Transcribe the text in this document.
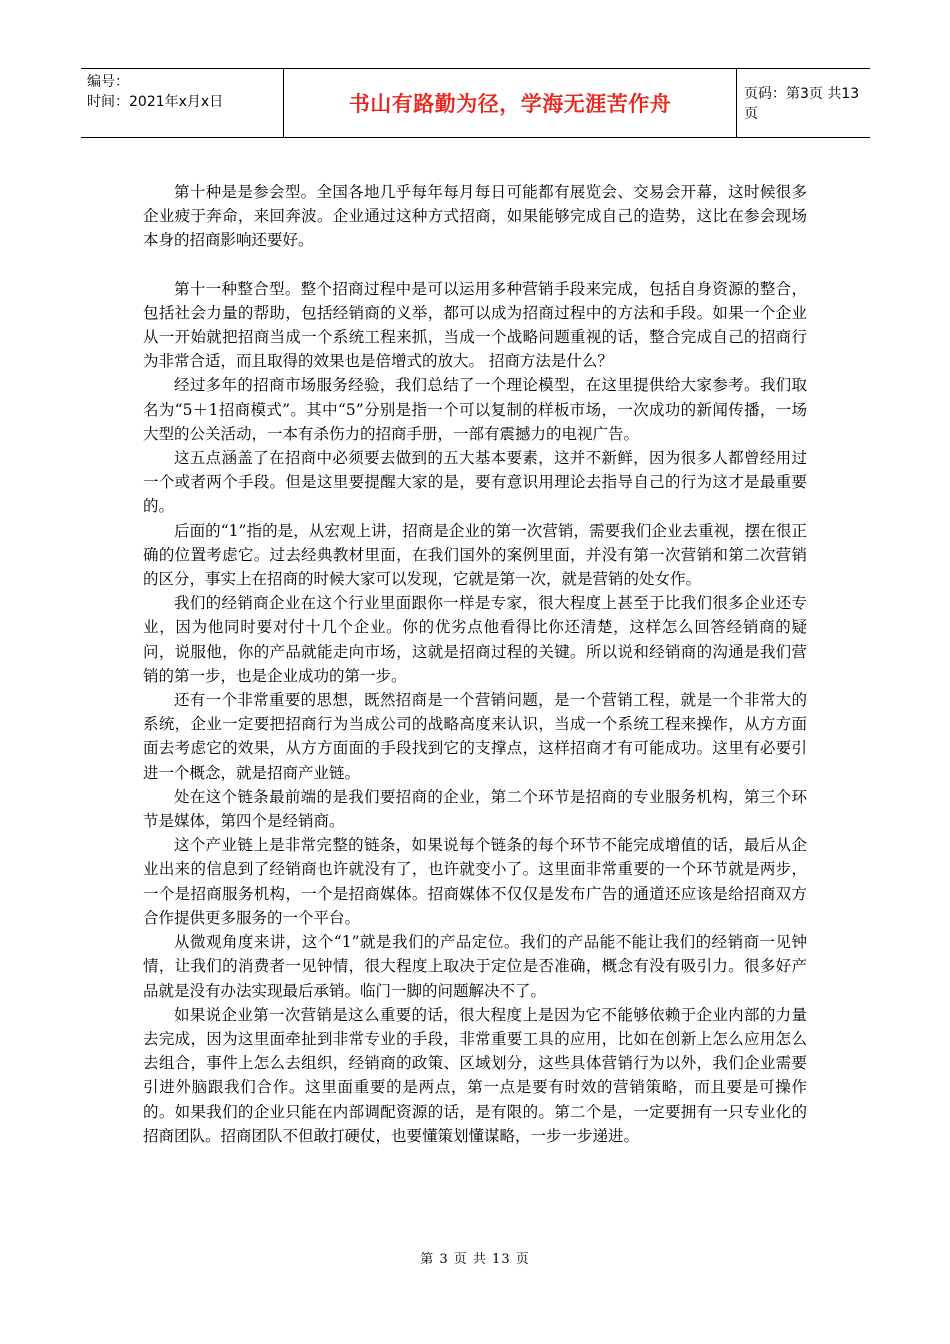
编号：
时间：2021年x月x日	书山有路勤为径，学海无涯苦作舟	页码：第3页 共13页

第十种是是参会型。全国各地几乎每年每月每日可能都有展览会、交易会开幕，这时候很多企业疲于奔命，来回奔波。企业通过这种方式招商，如果能够完成自己的造势，这比在参会现场本身的招商影响还要好。

第十一种整合型。整个招商过程中是可以运用多种营销手段来完成，包括自身资源的整合，包括社会力量的帮助，包括经销商的义举，都可以成为招商过程中的方法和手段。如果一个企业从一开始就把招商当成一个系统工程来抓，当成一个战略问题重视的话，整合完成自己的招商行为非常合适，而且取得的效果也是倍增式的放大。 招商方法是什么？

经过多年的招商市场服务经验，我们总结了一个理论模型，在这里提供给大家参考。我们取名为“5＋1招商模式”。其中“5”分别是指一个可以复制的样板市场，一次成功的新闻传播，一场大型的公关活动，一本有杀伤力的招商手册，一部有震撼力的电视广告。

这五点涵盖了在招商中必须要去做到的五大基本要素，这并不新鲜，因为很多人都曾经用过一个或者两个手段。但是这里要提醒大家的是，要有意识用理论去指导自己的行为这才是最重要的。

后面的“1”指的是，从宏观上讲，招商是企业的第一次营销，需要我们企业去重视，摆在很正确的位置考虑它。过去经典教材里面，在我们国外的案例里面，并没有第一次营销和第二次营销的区分，事实上在招商的时候大家可以发现，它就是第一次，就是营销的处女作。

我们的经销商企业在这个行业里面跟你一样是专家，很大程度上甚至于比我们很多企业还专业，因为他同时要对付十几个企业。你的优劣点他看得比你还清楚，这样怎么回答经销商的疑问，说服他，你的产品就能走向市场，这就是招商过程的关键。所以说和经销商的沟通是我们营销的第一步，也是企业成功的第一步。

还有一个非常重要的思想，既然招商是一个营销问题，是一个营销工程，就是一个非常大的系统，企业一定要把招商行为当成公司的战略高度来认识，当成一个系统工程来操作，从方方面面去考虑它的效果，从方方面面的手段找到它的支撑点，这样招商才有可能成功。这里有必要引进一个概念，就是招商产业链。

处在这个链条最前端的是我们要招商的企业，第二个环节是招商的专业服务机构，第三个环节是媒体，第四个是经销商。

这个产业链上是非常完整的链条，如果说每个链条的每个环节不能完成增值的话，最后从企业出来的信息到了经销商也许就没有了，也许就变小了。这里面非常重要的一个环节就是两步，一个是招商服务机构，一个是招商媒体。招商媒体不仅仅是发布广告的通道还应该是给招商双方合作提供更多服务的一个平台。

从微观角度来讲，这个“1”就是我们的产品定位。我们的产品能不能让我们的经销商一见钟情，让我们的消费者一见钟情，很大程度上取决于定位是否准确，概念有没有吸引力。很多好产品就是没有办法实现最后承销。临门一脚的问题解决不了。

如果说企业第一次营销是这么重要的话，很大程度上是因为它不能够依赖于企业内部的力量去完成，因为这里面牵扯到非常专业的手段，非常重要工具的应用，比如在创新上怎么应用怎么去组合，事件上怎么去组织，经销商的政策、区域划分，这些具体营销行为以外，我们企业需要引进外脑跟我们合作。这里面重要的是两点，第一点是要有时效的营销策略，而且要是可操作的。如果我们的企业只能在内部调配资源的话，是有限的。第二个是，一定要拥有一只专业化的招商团队。招商团队不但敢打硬仗，也要懂策划懂谋略，一步一步递进。

第 3 页 共 13 页
